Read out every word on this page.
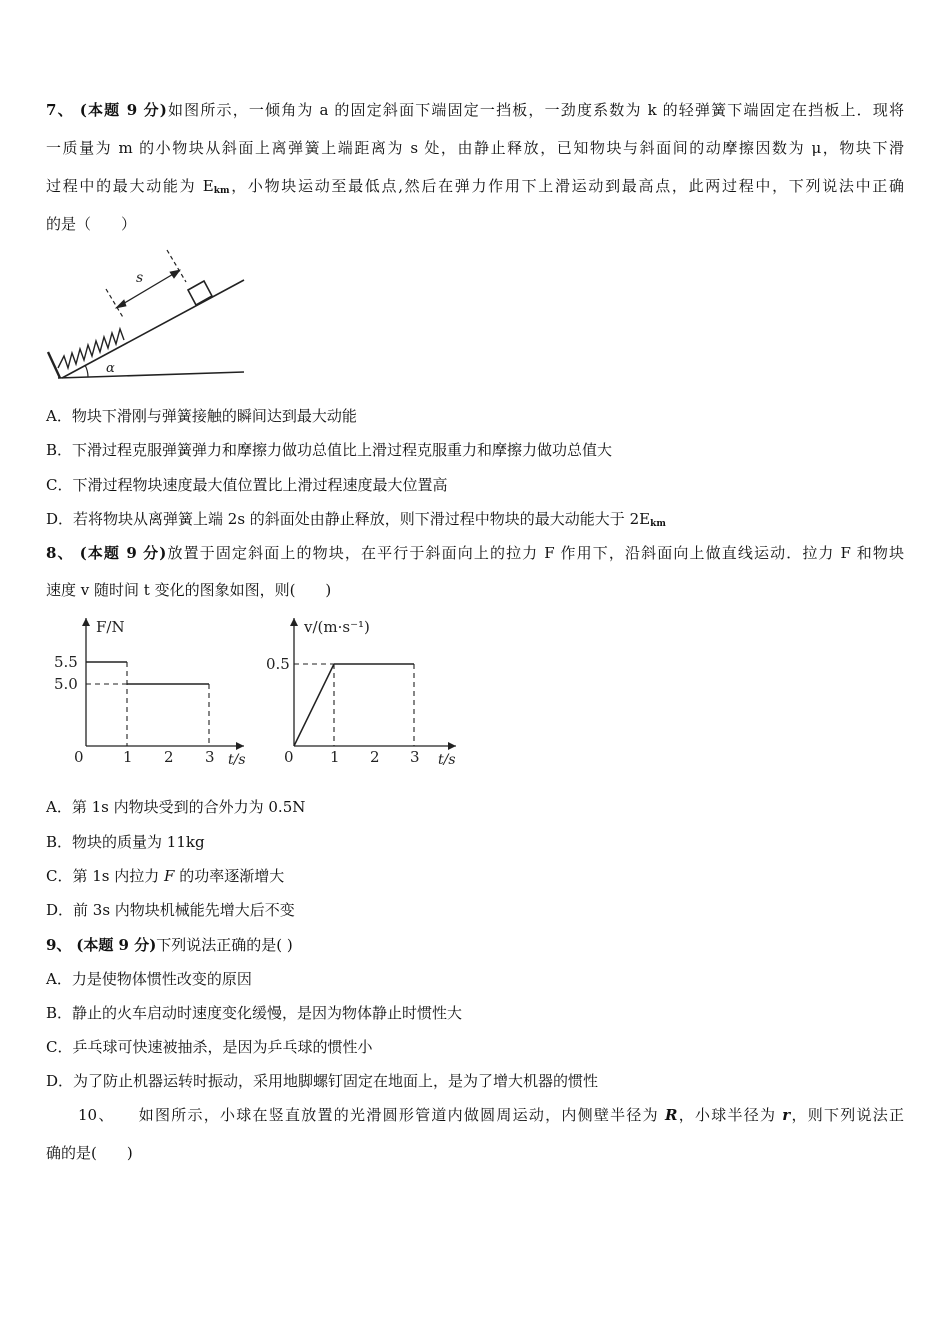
7、 (本题 9 分)如图所示，一倾角为 a 的固定斜面下端固定一挡板，一劲度系数为 k 的轻弹簧下端固定在挡板上．现将
一质量为 m 的小物块从斜面上离弹簧上端距离为 s 处，由静止释放，已知物块与斜面间的动摩擦因数为 μ，物块下滑
过程中的最大动能为 $E_{km}$，小物块运动至最低点,然后在弹力作用下上滑运动到最高点，此两过程中，下列说法中正确
的是（　　）
s
α
A．物块下滑刚与弹簧接触的瞬间达到最大动能
B．下滑过程克服弹簧弹力和摩擦力做功总值比上滑过程克服重力和摩擦力做功总值大
C．下滑过程物块速度最大值位置比上滑过程速度最大位置高
D．若将物块从离弹簧上端 2s 的斜面处由静止释放，则下滑过程中物块的最大动能大于 $2E_{km}$
8、 (本题 9 分)放置于固定斜面上的物块，在平行于斜面向上的拉力 F 作用下，沿斜面向上做直线运动．拉力 F 和物块
速度 v 随时间 t 变化的图象如图，则(　　)
0	1 2 3
5.5
5.0
F/N
t/s	0 1 2 3
0.5
v/(m·s⁻¹)
t/s
A．第 1s 内物块受到的合外力为 0.5N
B．物块的质量为 11kg
C．第 1s 内拉力 F 的功率逐渐增大
D．前 3s 内物块机械能先增大后不变
9、 (本题 9 分)下列说法正确的是( )
A．力是使物体惯性改变的原因
B．静止的火车启动时速度变化缓慢，是因为物体静止时惯性大
C．乒乓球可快速被抽杀，是因为乒乓球的惯性小
D．为了防止机器运转时振动，采用地脚螺钉固定在地面上，是为了增大机器的惯性
10、 如图所示，小球在竖直放置的光滑圆形管道内做圆周运动，内侧壁半径为 R，小球半径为 r，则下列说法正
确的是(　　)
